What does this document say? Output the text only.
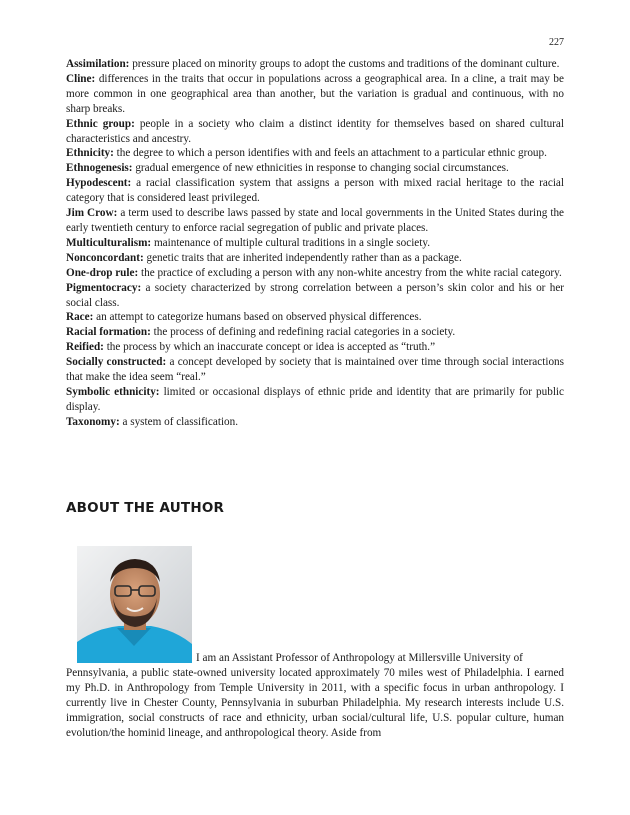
227

Assimilation: pressure placed on minority groups to adopt the customs and traditions of the dominant culture.

Cline: differences in the traits that occur in populations across a geographical area. In a cline, a trait may be more common in one geographical area than another, but the variation is gradual and continuous, with no sharp breaks.

Ethnic group: people in a society who claim a distinct identity for themselves based on shared cultural characteristics and ancestry.

Ethnicity: the degree to which a person identifies with and feels an attachment to a particular ethnic group.

Ethnogenesis: gradual emergence of new ethnicities in response to changing social circumstances.

Hypodescent: a racial classification system that assigns a person with mixed racial heritage to the racial category that is considered least privileged.

Jim Crow: a term used to describe laws passed by state and local governments in the United States during the early twentieth century to enforce racial segregation of public and private places.

Multiculturalism: maintenance of multiple cultural traditions in a single society.

Nonconcordant: genetic traits that are inherited independently rather than as a package.

One-drop rule: the practice of excluding a person with any non-white ancestry from the white racial category.

Pigmentocracy: a society characterized by strong correlation between a person’s skin color and his or her social class.

Race: an attempt to categorize humans based on observed physical differences.

Racial formation: the process of defining and redefining racial categories in a society.

Reified: the process by which an inaccurate concept or idea is accepted as “truth.”

Socially constructed: a concept developed by society that is maintained over time through social interactions that make the idea seem “real.”

Symbolic ethnicity: limited or occasional displays of ethnic pride and identity that are primarily for public display.

Taxonomy: a system of classification.

ABOUT THE AUTHOR
I am an Assistant Professor of Anthropology at Millersville University of
Pennsylvania, a public state-owned university located approximately 70 miles west of Philadelphia. I earned my Ph.D. in Anthropology from Temple University in 2011, with a specific focus in urban anthropology. I currently live in Chester County, Pennsylvania in suburban Philadelphia. My research interests include U.S. immigration, social constructs of race and ethnicity, urban social/cultural life, U.S. popular culture, human evolution/the hominid lineage, and anthropological theory. Aside from
